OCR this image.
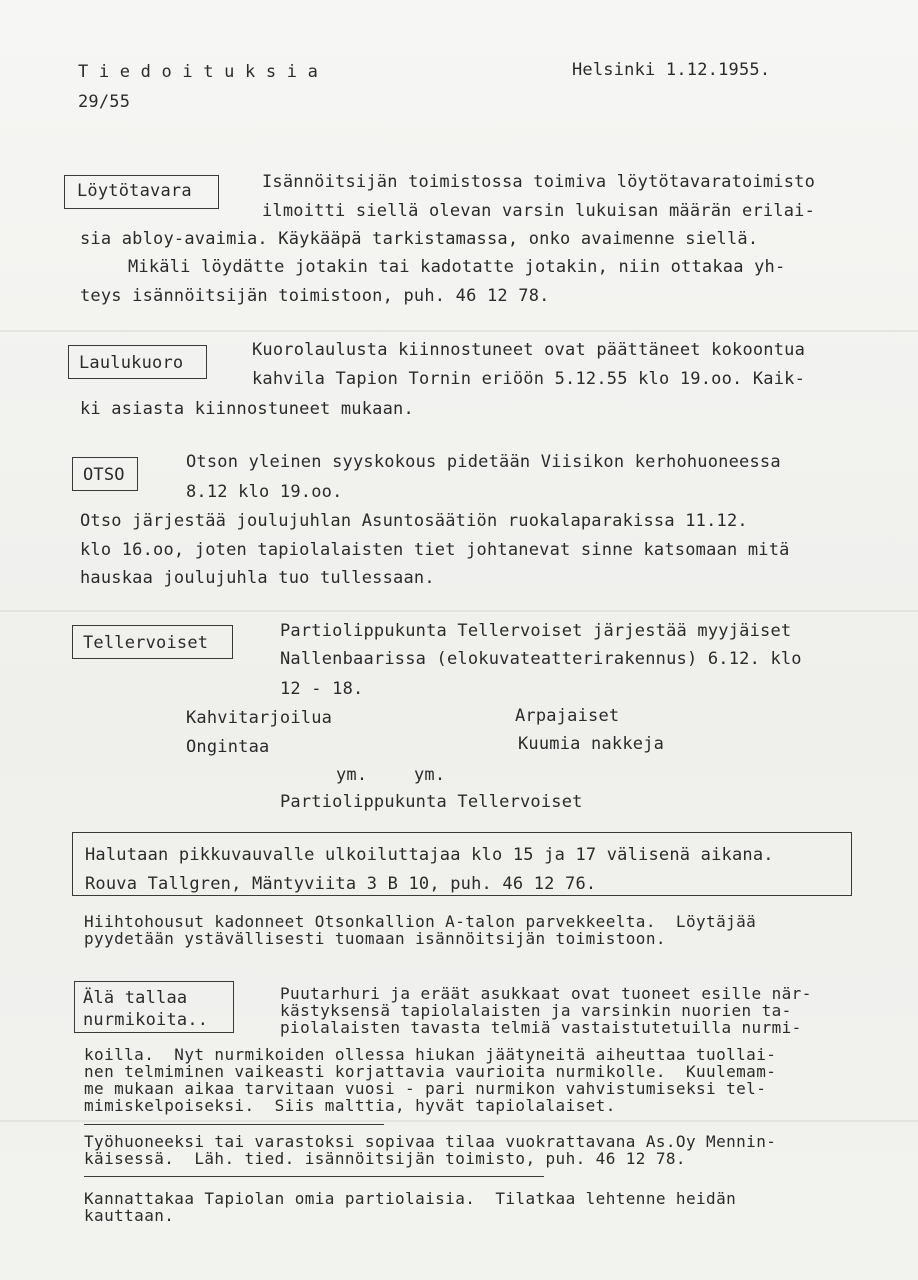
T i e d o i t u k s i a
29/55
Helsinki 1.12.1955.
Löytötavara	Isännöitsijän toimistossa toimiva löytötavaratoimisto
ilmoitti siellä olevan varsin lukuisan määrän erilai-
sia abloy-avaimia. Käykääpä tarkistamassa, onko avaimenne siellä.
Mikäli löydätte jotakin tai kadotatte jotakin, niin ottakaa yh-
teys isännöitsijän toimistoon, puh. 46 12 78.
Laulukuoro
Kuorolaulusta kiinnostuneet ovat päättäneet kokoontua
kahvila Tapion Tornin eriöön 5.12.55 klo 19.oo. Kaik-
ki asiasta kiinnostuneet mukaan.
OTSO
Otson yleinen syyskokous pidetään Viisikon kerhohuoneessa
8.12 klo 19.oo.
Otso järjestää joulujuhlan Asuntosäätiön ruokalaparakissa 11.12.
klo 16.oo, joten tapiolalaisten tiet johtanevat sinne katsomaan mitä
hauskaa joulujuhla tuo tullessaan.
Tellervoiset
Partiolippukunta Tellervoiset järjestää myyjäiset
Nallenbaarissa (elokuvateatterirakennus) 6.12. klo
12 - 18.
Kahvitarjoilua	Arpajaiset
Ongintaa	Kuumia nakkeja
ym.	ym.
Partiolippukunta Tellervoiset
Halutaan pikkuvauvalle ulkoiluttajaa klo 15 ja 17 välisenä aikana.
Rouva Tallgren, Mäntyviita 3 B 10, puh. 46 12 76.
Hiihtohousut kadonneet Otsonkallion A-talon parvekkeelta.  Löytäjää
pyydetään ystävällisesti tuomaan isännöitsijän toimistoon.
Älä tallaa
nurmikoita..
Puutarhuri ja eräät asukkaat ovat tuoneet esille när-
kästyksensä tapiolalaisten ja varsinkin nuorien ta-
piolalaisten tavasta telmiä vastaistutetuilla nurmi-
koilla.  Nyt nurmikoiden ollessa hiukan jäätyneitä aiheuttaa tuollai-
nen telmiminen vaikeasti korjattavia vaurioita nurmikolle.  Kuulemam-
me mukaan aikaa tarvitaan vuosi - pari nurmikon vahvistumiseksi tel-
mimiskelpoiseksi.  Siis malttia, hyvät tapiolalaiset.
Työhuoneeksi tai varastoksi sopivaa tilaa vuokrattavana As.Oy Mennin-
käisessä.  Läh. tied. isännöitsijän toimisto, puh. 46 12 78.
Kannattakaa Tapiolan omia partiolaisia.  Tilatkaa lehtenne heidän
kauttaan.
